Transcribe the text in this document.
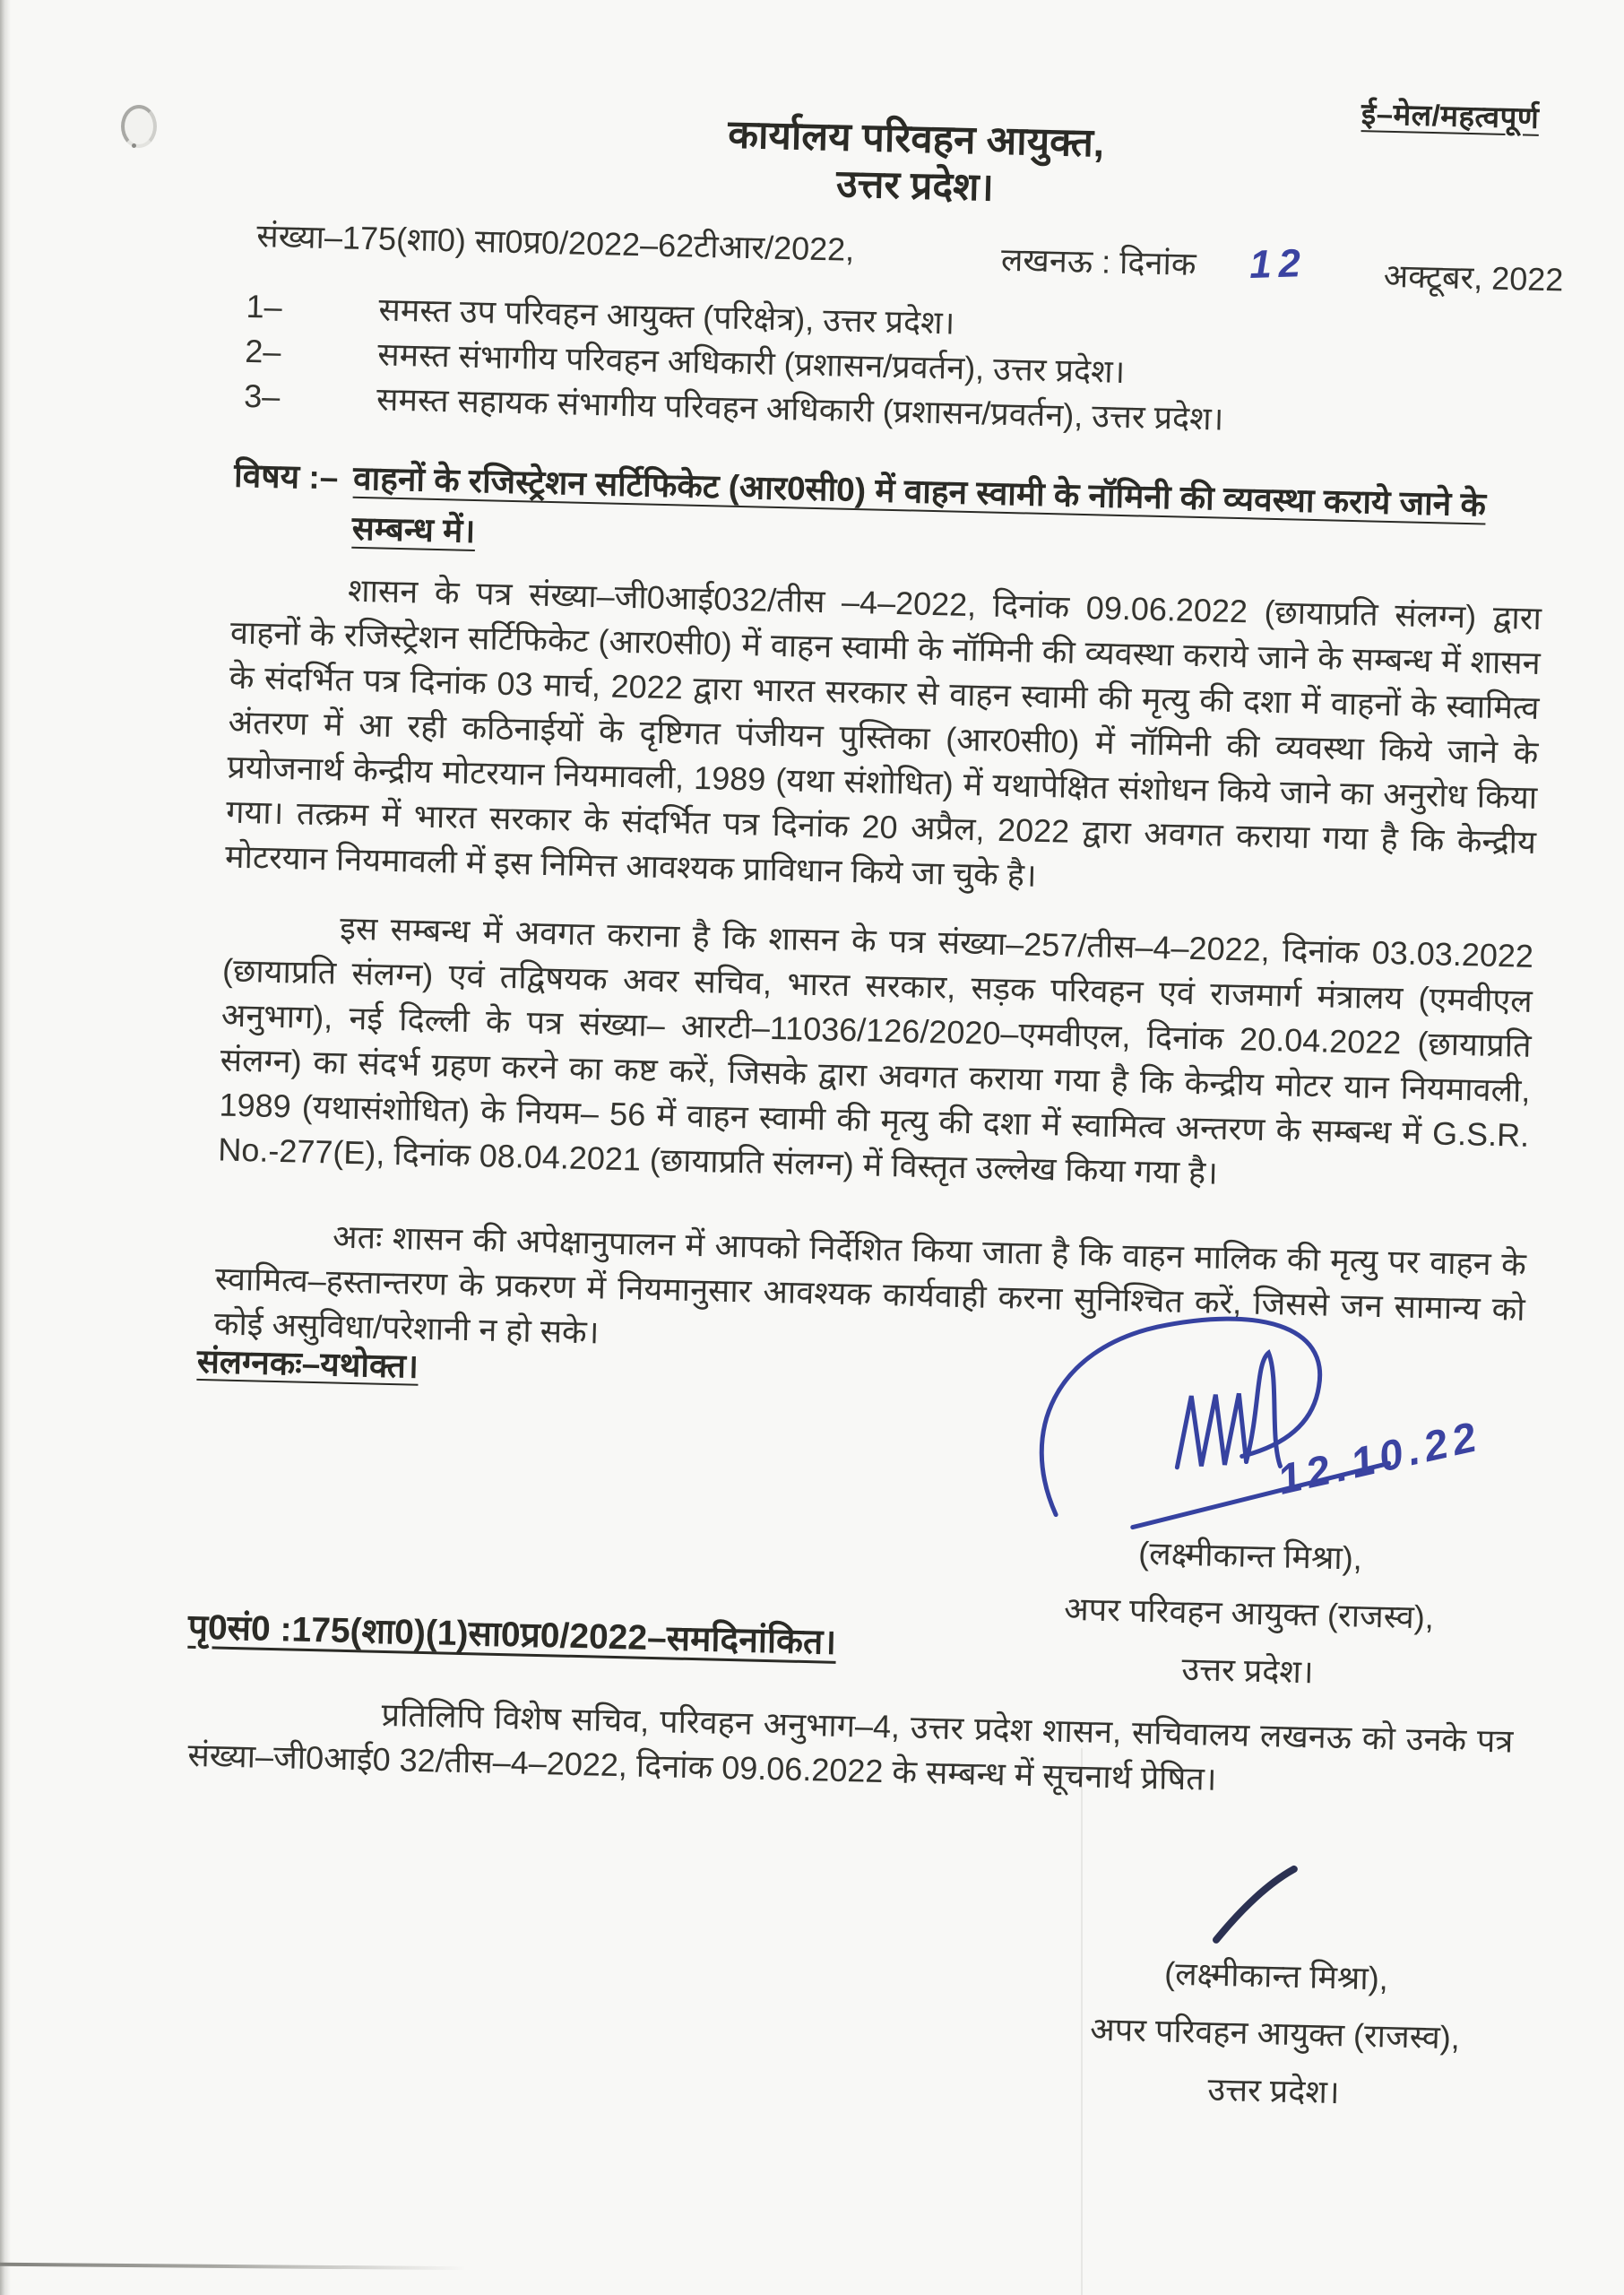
ई–मेल/महत्वपूर्ण
कार्यालय परिवहन आयुक्त,
उत्तर प्रदेश।
संख्या–175(शा0) सा0प्र0/2022–62टीआर/2022,	लखनऊ : दिनांक 12 अक्टूबर, 2022
1–	समस्त उप परिवहन आयुक्त (परिक्षेत्र), उत्तर प्रदेश।
2–	समस्त संभागीय परिवहन अधिकारी (प्रशासन/प्रवर्तन), उत्तर प्रदेश।
3–	समस्त सहायक संभागीय परिवहन अधिकारी (प्रशासन/प्रवर्तन), उत्तर प्रदेश।
विषय :– वाहनों के रजिस्ट्रेशन सर्टिफिकेट (आर0सी0) में वाहन स्वामी के नॉमिनी की व्यवस्था कराये जाने के सम्बन्ध में।

शासन के पत्र संख्या–जी0आई032/तीस –4–2022, दिनांक 09.06.2022 (छायाप्रति संलग्न) द्वारा वाहनों के रजिस्ट्रेशन सर्टिफिकेट (आर0सी0) में वाहन स्वामी के नॉमिनी की व्यवस्था कराये जाने के सम्बन्ध में शासन के संदर्भित पत्र दिनांक 03 मार्च, 2022 द्वारा भारत सरकार से वाहन स्वामी की मृत्यु की दशा में वाहनों के स्वामित्व अंतरण में आ रही कठिनाईयों के दृष्टिगत पंजीयन पुस्तिका (आर0सी0) में नॉमिनी की व्यवस्था किये जाने के प्रयोजनार्थ केन्द्रीय मोटरयान नियमावली, 1989 (यथा संशोधित) में यथापेक्षित संशोधन किये जाने का अनुरोध किया गया। तत्क्रम में भारत सरकार के संदर्भित पत्र दिनांक 20 अप्रैल, 2022 द्वारा अवगत कराया गया है कि केन्द्रीय मोटरयान नियमावली में इस निमित्त आवश्यक प्राविधान किये जा चुके है।

इस सम्बन्ध में अवगत कराना है कि शासन के पत्र संख्या–257/तीस–4–2022, दिनांक 03.03.2022 (छायाप्रति संलग्न) एवं तद्विषयक अवर सचिव, भारत सरकार, सड़क परिवहन एवं राजमार्ग मंत्रालय (एमवीएल अनुभाग), नई दिल्ली के पत्र संख्या– आरटी–11036/126/2020–एमवीएल, दिनांक 20.04.2022 (छायाप्रति संलग्न) का संदर्भ ग्रहण करने का कष्ट करें, जिसके द्वारा अवगत कराया गया है कि केन्द्रीय मोटर यान नियमावली, 1989 (यथासंशोधित) के नियम– 56 में वाहन स्वामी की मृत्यु की दशा में स्वामित्व अन्तरण के सम्बन्ध में G.S.R. No.-277(E), दिनांक 08.04.2021 (छायाप्रति संलग्न) में विस्तृत उल्लेख किया गया है।

अतः शासन की अपेक्षानुपालन में आपको निर्देशित किया जाता है कि वाहन मालिक की मृत्यु पर वाहन के स्वामित्व–हस्तान्तरण के प्रकरण में नियमानुसार आवश्यक कार्यवाही करना सुनिश्चित करें, जिससे जन सामान्य को कोई असुविधा/परेशानी न हो सके।

संलग्नकः–यथोक्त।
12.10.22
(लक्ष्मीकान्त मिश्रा),
अपर परिवहन आयुक्त (राजस्व),
उत्तर प्रदेश।
पृ0सं0 :175(शा0)(1)सा0प्र0/2022–समदिनांकित।
प्रतिलिपि विशेष सचिव, परिवहन अनुभाग–4, उत्तर प्रदेश शासन, सचिवालय लखनऊ को उनके पत्र संख्या–जी0आई0 32/तीस–4–2022, दिनांक 09.06.2022 के सम्बन्ध में सूचनार्थ प्रेषित।
(लक्ष्मीकान्त मिश्रा),
अपर परिवहन आयुक्त (राजस्व),
उत्तर प्रदेश।
